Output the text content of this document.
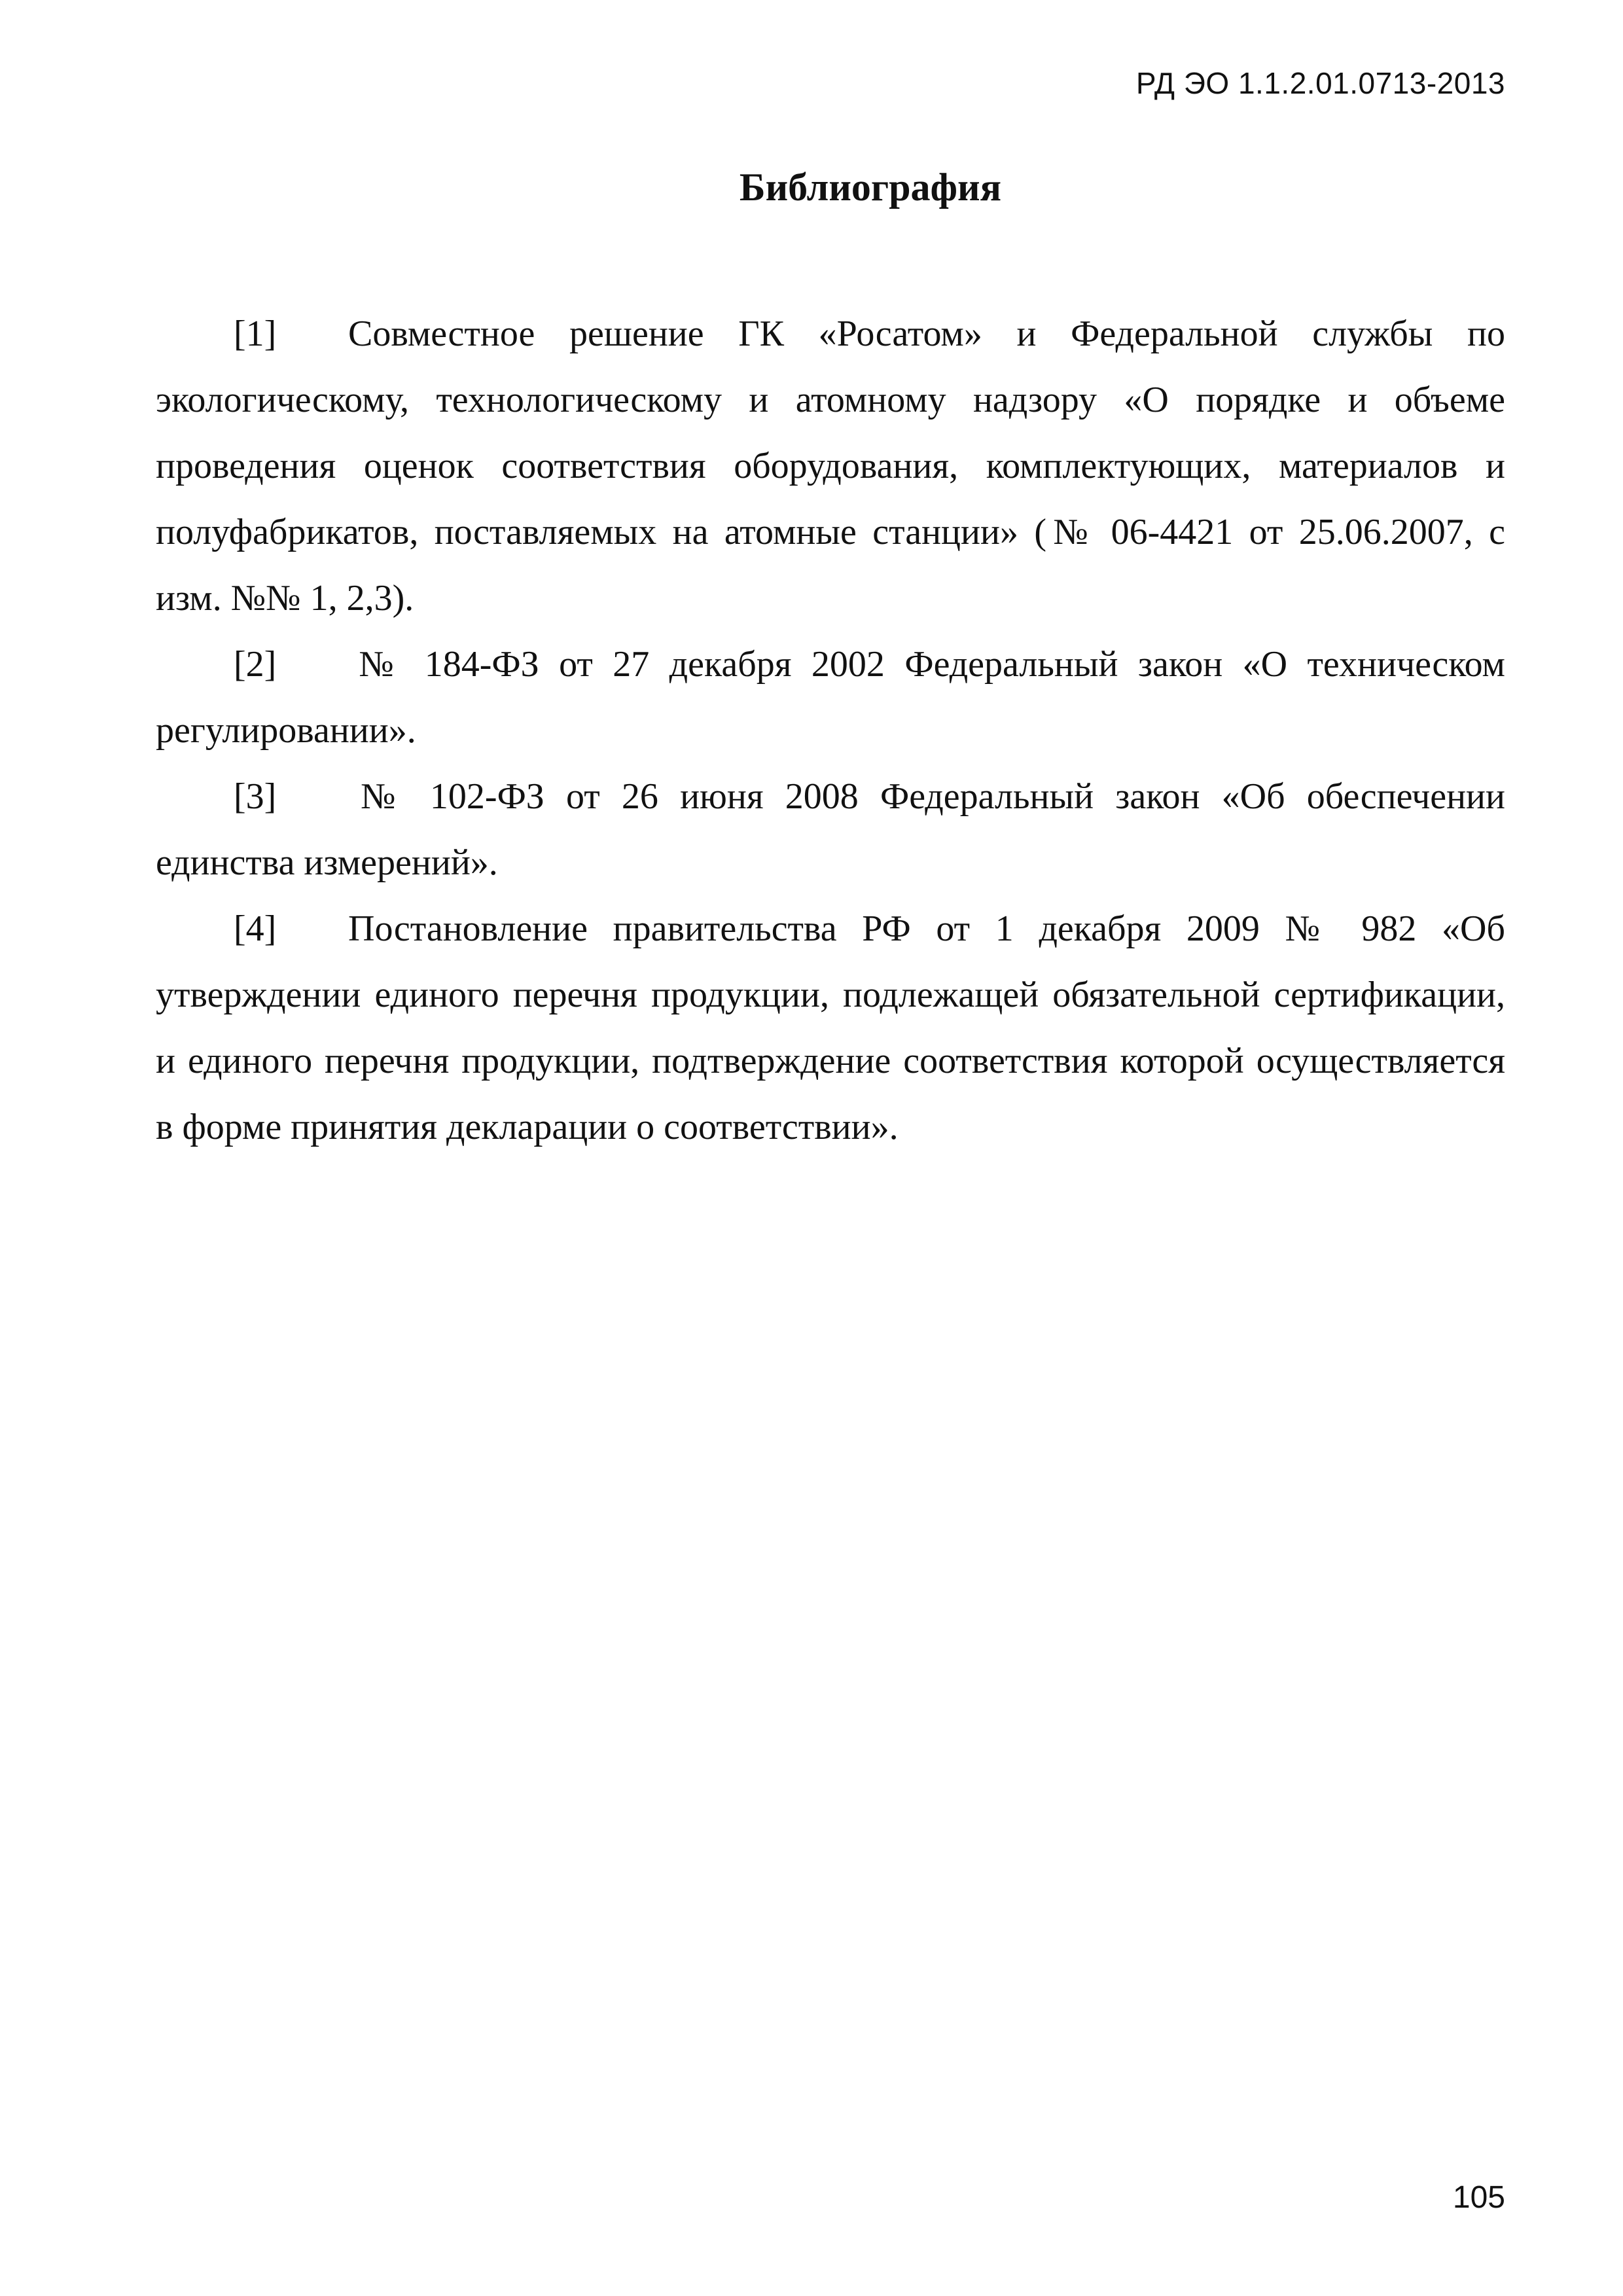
РД ЭО 1.1.2.01.0713-2013
Библиография

[1] Совместное решение ГК «Росатом» и Федеральной службы по экологическому, технологическому и атомному надзору «О порядке и объеме проведения оценок соответствия оборудования, комплектующих, материалов и полуфабрикатов, поставляемых на атомные станции» (№ 06-4421 от 25.06.2007, с изм. №№ 1, 2,3).

[2] № 184-ФЗ от 27 декабря 2002 Федеральный закон «О техническом регулировании».

[3] № 102-ФЗ от 26 июня 2008 Федеральный закон «Об обеспечении единства измерений».

[4] Постановление правительства РФ от 1 декабря 2009 № 982 «Об утверждении единого перечня продукции, подлежащей обязательной сертификации, и единого перечня продукции, подтверждение соответствия которой осуществляется в форме принятия декларации о соответствии».

105
